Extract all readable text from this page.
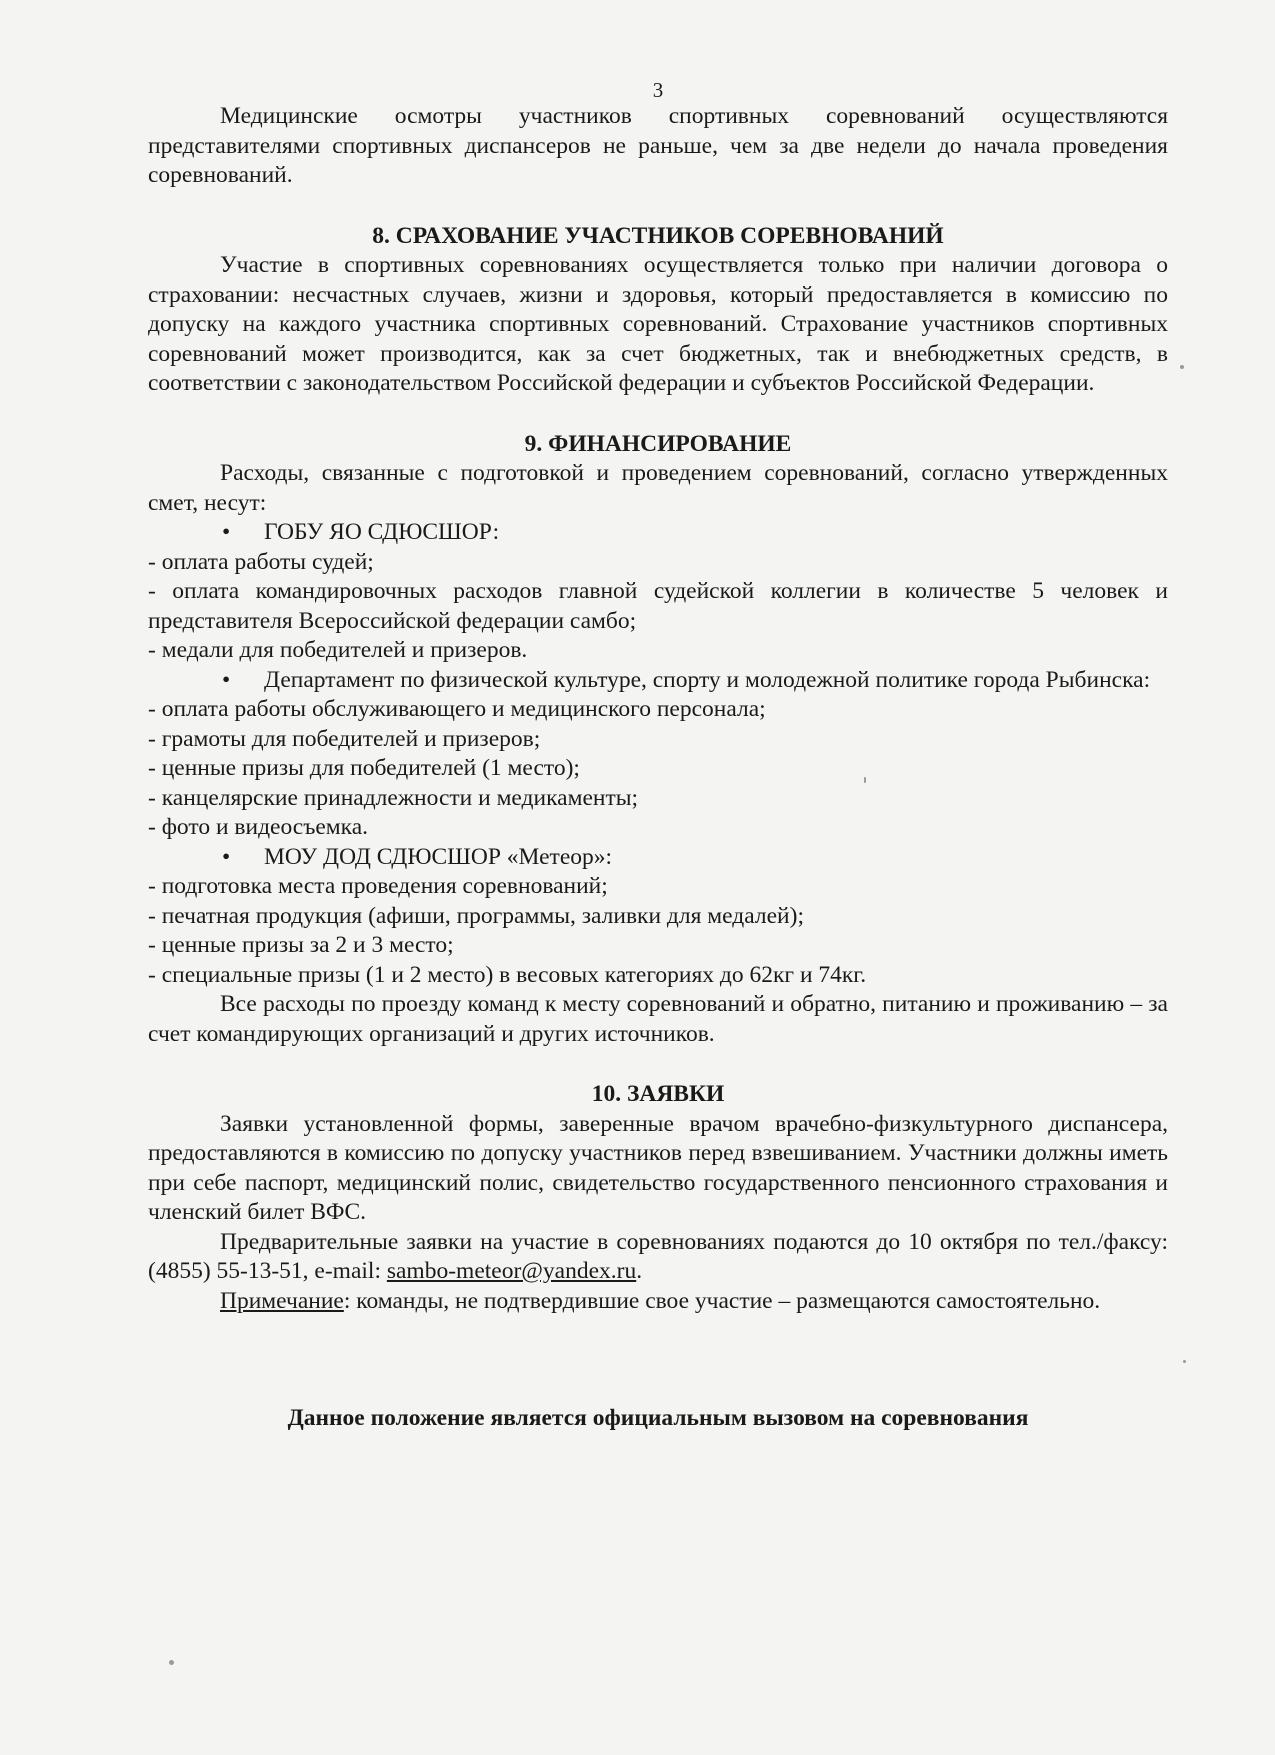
3

Медицинские осмотры участников спортивных соревнований осуществляются представителями спортивных диспансеров не раньше, чем за две недели до начала проведения соревнований.

8. СРАХОВАНИЕ УЧАСТНИКОВ СОРЕВНОВАНИЙ

Участие в спортивных соревнованиях осуществляется только при наличии договора о страховании: несчастных случаев, жизни и здоровья, который предоставляется в комиссию по допуску на каждого участника спортивных соревнований. Страхование участников спортивных соревнований может производится, как за счет бюджетных, так и внебюджетных средств, в соответствии с законодательством Российской федерации и субъектов Российской Федерации.

9. ФИНАНСИРОВАНИЕ

Расходы, связанные с подготовкой и проведением соревнований, согласно утвержденных смет, несут:

•	ГОБУ ЯО СДЮСШОР:

- оплата работы судей;

- оплата командировочных расходов главной судейской коллегии в количестве 5 человек и представителя Всероссийской федерации самбо;

- медали для победителей и призеров.

•	Департамент по физической культуре, спорту и молодежной политике города Рыбинска:

- оплата работы обслуживающего и медицинского персонала;

- грамоты для победителей и призеров;

- ценные призы для победителей (1 место);

- канцелярские принадлежности и медикаменты;

- фото и видеосъемка.

•	МОУ ДОД СДЮСШОР «Метеор»:

- подготовка места проведения соревнований;

- печатная продукция (афиши, программы, заливки для медалей);

- ценные призы за 2 и 3 место;

- специальные призы (1 и 2 место) в весовых категориях до 62кг и 74кг.

Все расходы по проезду команд к месту соревнований и обратно, питанию и проживанию – за счет командирующих организаций и других источников.

10. ЗАЯВКИ

Заявки установленной формы, заверенные врачом врачебно-физкультурного диспансера, предоставляются в комиссию по допуску участников перед взвешиванием. Участники должны иметь при себе паспорт, медицинский полис, свидетельство государственного пенсионного страхования и членский билет ВФС.

Предварительные заявки на участие в соревнованиях подаются до 10 октября по тел./факсу: (4855) 55-13-51, e-mail: sambo-meteor@yandex.ru.

Примечание: команды, не подтвердившие свое участие – размещаются самостоятельно.

Данное положение является официальным вызовом на соревнования
